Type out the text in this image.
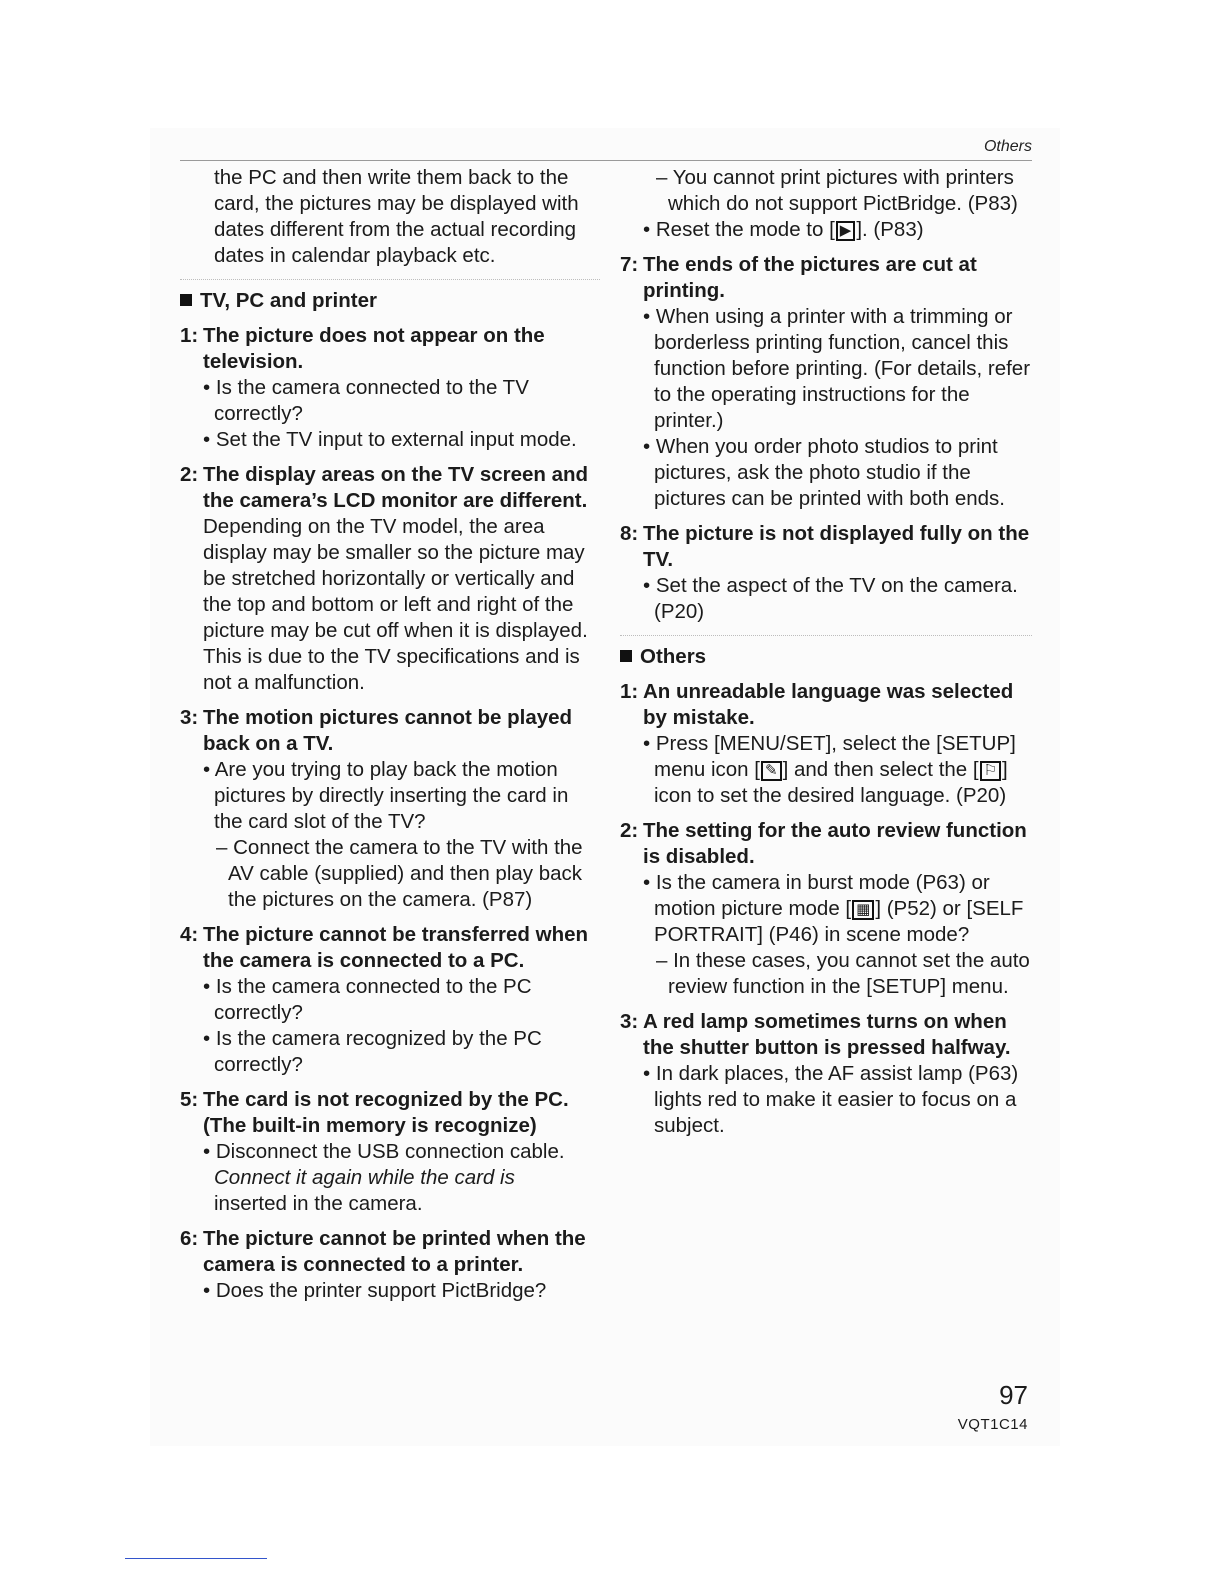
Others

the PC and then write them back to the card, the pictures may be displayed with dates different from the actual recording dates in calendar playback etc.

TV, PC and printer

1: The picture does not appear on the television.

• Is the camera connected to the TV correctly?

• Set the TV input to external input mode.

2: The display areas on the TV screen and the camera’s LCD monitor are different.

Depending on the TV model, the area display may be smaller so the picture may be stretched horizontally or vertically and the top and bottom or left and right of the picture may be cut off when it is displayed. This is due to the TV specifications and is not a malfunction.

3: The motion pictures cannot be played back on a TV.

• Are you trying to play back the motion pictures by directly inserting the card in the card slot of the TV?

– Connect the camera to the TV with the AV cable (supplied) and then play back the pictures on the camera. (P87)

4: The picture cannot be transferred when the camera is connected to a PC.

• Is the camera connected to the PC correctly?

• Is the camera recognized by the PC correctly?

5: The card is not recognized by the PC. (The built-in memory is recognize)

• Disconnect the USB connection cable.

Connect it again while the card is

inserted in the camera.

6: The picture cannot be printed when the camera is connected to a printer.

• Does the printer support PictBridge?

– You cannot print pictures with printers which do not support PictBridge. (P83)

• Reset the mode to [ ▶ ]. (P83)

7: The ends of the pictures are cut at printing.

• When using a printer with a trimming or borderless printing function, cancel this function before printing. (For details, refer to the operating instructions for the printer.)

• When you order photo studios to print pictures, ask the photo studio if the pictures can be printed with both ends.

8: The picture is not displayed fully on the TV.

• Set the aspect of the TV on the camera. (P20)

Others

1: An unreadable language was selected by mistake.

• Press [MENU/SET], select the [SETUP] menu icon [ ✎ ] and then select the [ ⚐ ] icon to set the desired language. (P20)

2: The setting for the auto review function is disabled.

• Is the camera in burst mode (P63) or motion picture mode [ ▦ ] (P52) or [SELF PORTRAIT] (P46) in scene mode?

– In these cases, you cannot set the auto review function in the [SETUP] menu.

3: A red lamp sometimes turns on when the shutter button is pressed halfway.

• In dark places, the AF assist lamp (P63) lights red to make it easier to focus on a subject.

97
VQT1C14
